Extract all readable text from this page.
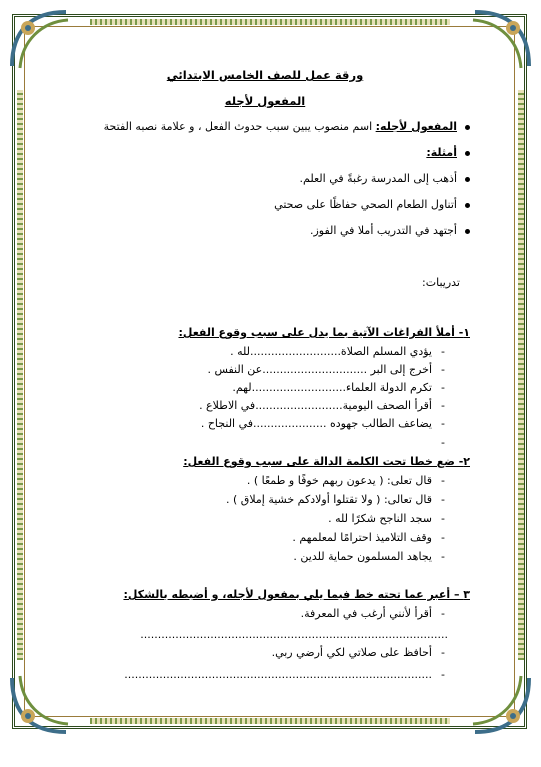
ورقة عمل للصف الخامس الابتدائي
المفعول لأجله
المفعول لأجله: اسم منصوب يبين سبب حدوث الفعل ، و علامة نصبه الفتحة
أمثلة:
أذهب إلى المدرسة رغبةً في العلم.
أتناول الطعام الصحي حفاظًا على صحتي
أجتهد في التدريب أملا في الفوز.
تدريبات:
١- أملأ الفراغات الآتية بما يدل على سبب وقوع الفعل:
-يؤدي المسلم الصلاة..........................لله .
-أخرج إلى البر ..............................عن النفس .
-تكرم الدولة العلماء...........................لهم.
-أقرأ الصحف اليومية.........................في الاطلاع .
-يضاعف الطالب جهوده .....................في النجاح .
-
٢- ضع خطا تحت الكلمة الدالة على سبب وقوع الفعل:
-قال تعلى: ( يدعون ربهم خوفًا و طمعًا ) .
-قال تعالى: ( ولا تقتلوا أولادكم خشية إملاق ) .
-سجد الناجح شكرًا لله .
-وقف التلاميذ احترامًا لمعلمهم .
-يجاهد المسلمون حماية للدين .
٣ – أعبر عما تحته خط فيما يلي بمفعول لأجله، و أضبطه بالشكل:
-أقرأ لأنني أرغب في المعرفة.
........................................................................................
-أحافظ على صلاتي لكي أرضي ربي.
-........................................................................................
